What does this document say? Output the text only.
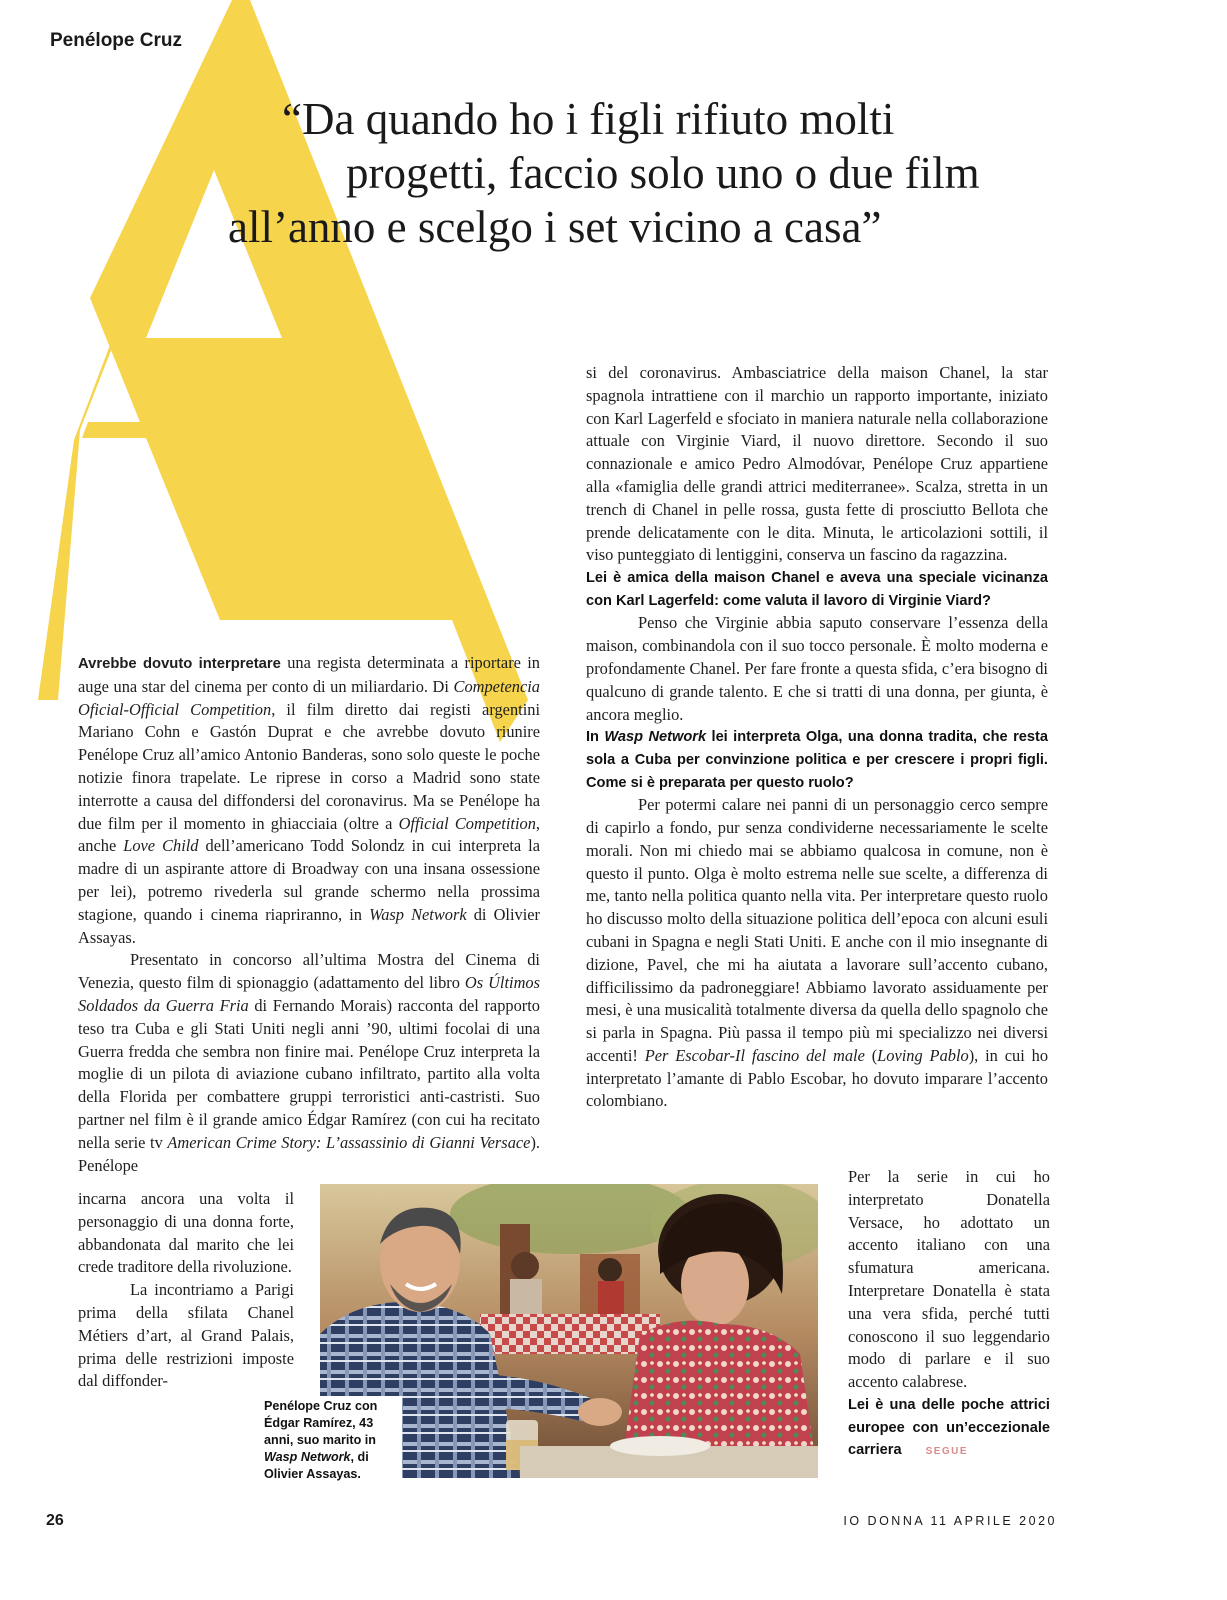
Penélope Cruz
“Da quando ho i figli rifiuto molti
progetti, faccio solo uno o due film
all’anno e scelgo i set vicino a casa”

Avrebbe dovuto interpretare una regista determinata a riportare in auge una star del cinema per conto di un miliardario. Di Competencia Oficial-Official Competition, il film diretto dai registi argentini Mariano Cohn e Gastón Duprat e che avrebbe dovuto riunire Penélope Cruz all’amico Antonio Banderas, sono solo queste le poche notizie finora trapelate. Le riprese in corso a Madrid sono state interrotte a causa del diffondersi del coronavirus. Ma se Penélope ha due film per il momento in ghiacciaia (oltre a Official Competition, anche Love Child dell’americano Todd Solondz in cui interpreta la madre di un aspirante attore di Broadway con una insana ossessione per lei), potremo rivederla sul grande schermo nella prossima stagione, quando i cinema riapriranno, in Wasp Network di Olivier Assayas.

Presentato in concorso all’ultima Mostra del Cinema di Venezia, questo film di spionaggio (adattamento del libro Os Últimos Soldados da Guerra Fria di Fernando Morais) racconta del rapporto teso tra Cuba e gli Stati Uniti negli anni ’90, ultimi focolai di una Guerra fredda che sembra non finire mai. Penélope Cruz interpreta la moglie di un pilota di aviazione cubano infiltrato, partito alla volta della Florida per combattere gruppi terroristici anti-castristi. Suo partner nel film è il grande amico Édgar Ramírez (con cui ha recitato nella serie tv American Crime Story: L’assassinio di Gianni Versace). Penélope

incarna ancora una volta il personaggio di una donna forte, abbandonata dal marito che lei crede traditore della rivoluzione.

La incontriamo a Parigi prima della sfilata Chanel Métiers d’art, al Grand Palais, prima delle restrizioni imposte dal diffonder-

si del coronavirus. Ambasciatrice della maison Chanel, la star spagnola intrattiene con il marchio un rapporto importante, iniziato con Karl Lagerfeld e sfociato in maniera naturale nella collaborazione attuale con Virginie Viard, il nuovo direttore. Secondo il suo connazionale e amico Pedro Almodóvar, Penélope Cruz appartiene alla «famiglia delle grandi attrici mediterranee». Scalza, stretta in un trench di Chanel in pelle rossa, gusta fette di prosciutto Bellota che prende delicatamente con le dita. Minuta, le articolazioni sottili, il viso punteggiato di lentiggini, conserva un fascino da ragazzina.

Lei è amica della maison Chanel e aveva una speciale vicinanza con Karl Lagerfeld: come valuta il lavoro di Virginie Viard?

Penso che Virginie abbia saputo conservare l’essenza della maison, combinandola con il suo tocco personale. È molto moderna e profondamente Chanel. Per fare fronte a questa sfida, c’era bisogno di qualcuno di grande talento. E che si tratti di una donna, per giunta, è ancora meglio.

In Wasp Network lei interpreta Olga, una donna tradita, che resta sola a Cuba per convinzione politica e per crescere i propri figli. Come si è preparata per questo ruolo?

Per potermi calare nei panni di un personaggio cerco sempre di capirlo a fondo, pur senza condividerne necessariamente le scelte morali. Non mi chiedo mai se abbiamo qualcosa in comune, non è questo il punto. Olga è molto estrema nelle sue scelte, a differenza di me, tanto nella politica quanto nella vita. Per interpretare questo ruolo ho discusso molto della situazione politica dell’epoca con alcuni esuli cubani in Spagna e negli Stati Uniti. E anche con il mio insegnante di dizione, Pavel, che mi ha aiutata a lavorare sull’accento cubano, difficilissimo da padroneggiare! Abbiamo lavorato assiduamente per mesi, è una musicalità totalmente diversa da quella dello spagnolo che si parla in Spagna. Più passa il tempo più mi specializzo nei diversi accenti! Per Escobar-Il fascino del male (Loving Pablo), in cui ho interpretato l’amante di Pablo Escobar, ho dovuto imparare l’accento colombiano.

Per la serie in cui ho interpretato Donatella Versace, ho adottato un accento italiano con una sfumatura americana. Interpretare Donatella è stata una vera sfida, perché tutti conoscono il suo leggendario modo di parlare e il suo accento calabrese.

Lei è una delle poche attrici europee con un’eccezionale carriera SEGUE

Penélope Cruz con Édgar Ramírez, 43 anni, suo marito in Wasp Network, di Olivier Assayas.
26	IO DONNA 11 APRILE 2020
